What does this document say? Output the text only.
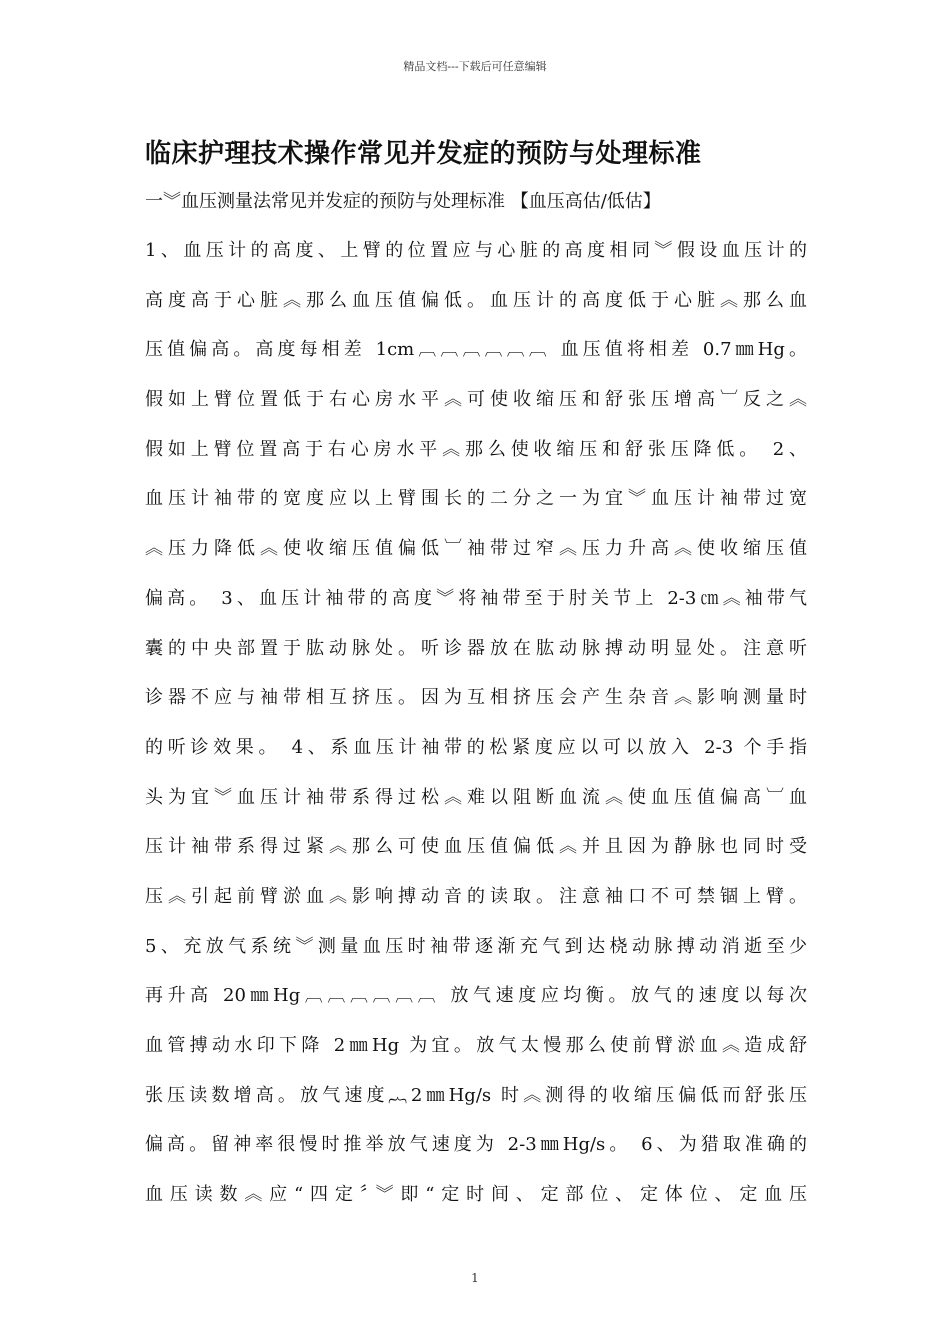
精品文档---下载后可任意编辑
临床护理技术操作常见并发症的预防与处理标准
一︾血压测量法常见并发症的预防与处理标准 【血压高估/低估】
1、血压计的高度、上臂的位置应与心脏的高度相同︾假设血压计的
高度高于心脏︽那么血压值偏低。血压计的高度低于心脏︽那么血
压值偏高。高度每相差 1cm︹︹︹︹︹︹ 血压值将相差 0.7㎜Hg。
假如上臂位置低于右心房水平︽可使收缩压和舒张压增高︺反之︽
假如上臂位置高于右心房水平︽那么使收缩压和舒张压降低。 2、
血压计袖带的宽度应以上臂围长的二分之一为宜︾血压计袖带过宽
︽压力降低︽使收缩压值偏低︺袖带过窄︽压力升高︽使收缩压值
偏高。 3、血压计袖带的高度︾将袖带至于肘关节上 2-3㎝︽袖带气
囊的中央部置于肱动脉处。听诊器放在肱动脉搏动明显处。注意听
诊器不应与袖带相互挤压。因为互相挤压会产生杂音︽影响测量时
的听诊效果。 4、系血压计袖带的松紧度应以可以放入 2-3 个手指
头为宜︾血压计袖带系得过松︽难以阻断血流︽使血压值偏高︺血
压计袖带系得过紧︽那么可使血压值偏低︽并且因为静脉也同时受
压︽引起前臂淤血︽影响搏动音的读取。注意袖口不可禁锢上臂。
5、充放气系统︾测量血压时袖带逐渐充气到达桡动脉搏动消逝至少
再升高 20㎜Hg︹︹︹︹︹︹ 放气速度应均衡。放气的速度以每次
血管搏动水印下降 2㎜Hg 为宜。放气太慢那么使前臂淤血︽造成舒
张压读数增高。放气速度︷2㎜Hg/s 时︽测得的收缩压偏低而舒张压
偏高。留神率很慢时推举放气速度为 2-3㎜Hg/s。 6、为猎取准确的
血压读数︽应“四定〞︾即“定时间、定部位、定体位、定血压
1
